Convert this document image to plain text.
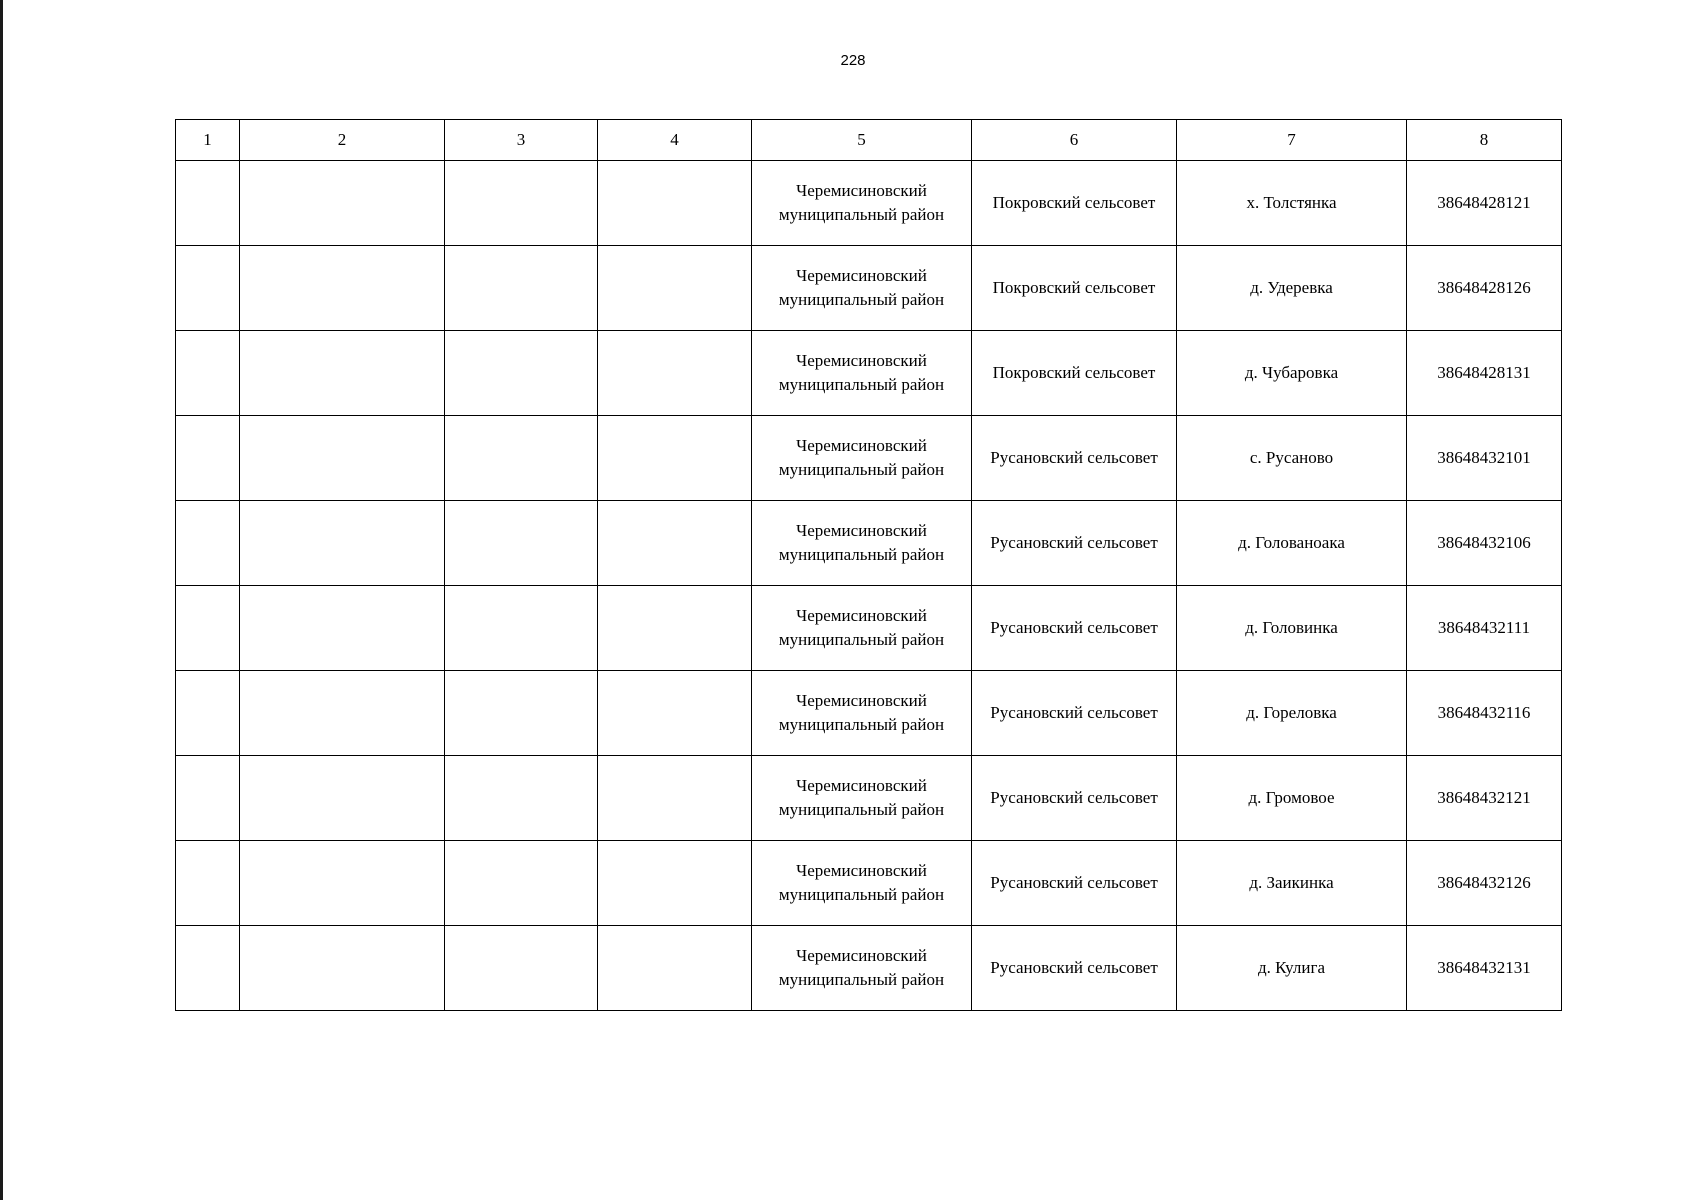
228
1	2	3	4	5	6	7	8
				Черемисиновский
муниципальный район	Покровский сельсовет	х. Толстянка	38648428121
				Черемисиновский
муниципальный район	Покровский сельсовет	д. Удеревка	38648428126
				Черемисиновский
муниципальный район	Покровский сельсовет	д. Чубаровка	38648428131
				Черемисиновский
муниципальный район	Русановский сельсовет	с. Русаново	38648432101
				Черемисиновский
муниципальный район	Русановский сельсовет	д. Голованоака	38648432106
				Черемисиновский
муниципальный район	Русановский сельсовет	д. Головинка	38648432111
				Черемисиновский
муниципальный район	Русановский сельсовет	д. Гореловка	38648432116
				Черемисиновский
муниципальный район	Русановский сельсовет	д. Громовое	38648432121
				Черемисиновский
муниципальный район	Русановский сельсовет	д. Заикинка	38648432126
				Черемисиновский
муниципальный район	Русановский сельсовет	д. Кулига	38648432131
